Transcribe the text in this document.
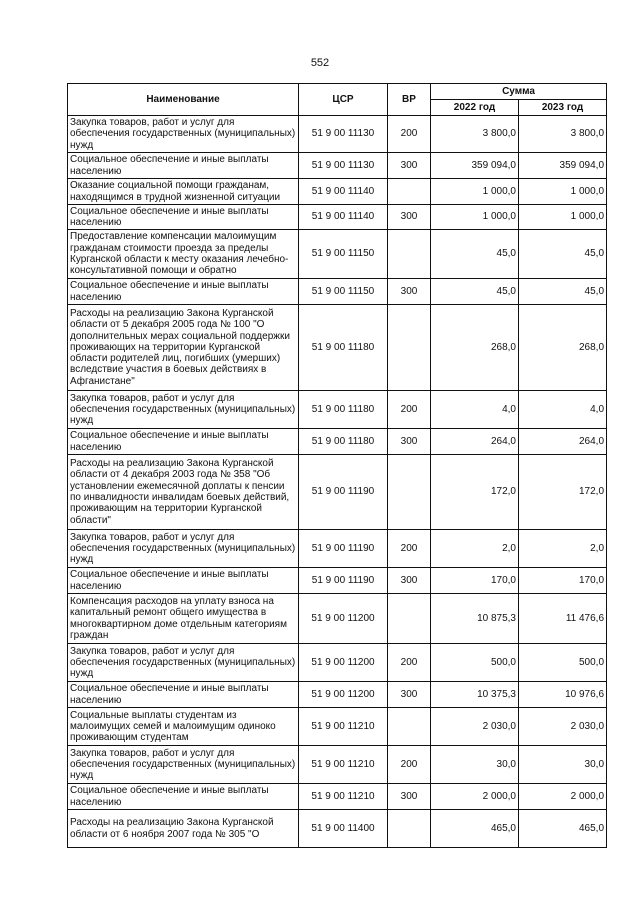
552
Наименование	ЦСР	ВР	Сумма	
			2022 год	2023 год
Закупка товаров, работ и услуг для обеспечения государственных (муниципальных) нужд	51 9 00 11130	200	3 800,0	3 800,0
Социальное обеспечение и иные выплаты населению	51 9 00 11130	300	359 094,0	359 094,0
Оказание социальной помощи гражданам, находящимся в трудной жизненной ситуации	51 9 00 11140		1 000,0	1 000,0
Социальное обеспечение и иные выплаты населению	51 9 00 11140	300	1 000,0	1 000,0
Предоставление компенсации малоимущим гражданам стоимости проезда за пределы Курганской области к месту оказания лечебно-консультативной помощи и обратно	51 9 00 11150		45,0	45,0
Социальное обеспечение и иные выплаты населению	51 9 00 11150	300	45,0	45,0
Расходы на реализацию Закона Курганской области от 5 декабря 2005 года № 100 "О дополнительных мерах социальной поддержки проживающих на территории Курганской области родителей лиц, погибших (умерших) вследствие участия в боевых действиях в Афганистане"	51 9 00 11180		268,0	268,0
Закупка товаров, работ и услуг для обеспечения государственных (муниципальных) нужд	51 9 00 11180	200	4,0	4,0
Социальное обеспечение и иные выплаты населению	51 9 00 11180	300	264,0	264,0
Расходы на реализацию Закона Курганской области от 4 декабря 2003 года № 358 "Об установлении ежемесячной доплаты к пенсии по инвалидности инвалидам боевых действий, проживающим на территории Курганской области"	51 9 00 11190		172,0	172,0
Закупка товаров, работ и услуг для обеспечения государственных (муниципальных) нужд	51 9 00 11190	200	2,0	2,0
Социальное обеспечение и иные выплаты населению	51 9 00 11190	300	170,0	170,0
Компенсация расходов на уплату взноса на капитальный ремонт общего имущества в многоквартирном доме отдельным категориям граждан	51 9 00 11200		10 875,3	11 476,6
Закупка товаров, работ и услуг для обеспечения государственных (муниципальных) нужд	51 9 00 11200	200	500,0	500,0
Социальное обеспечение и иные выплаты населению	51 9 00 11200	300	10 375,3	10 976,6
Социальные выплаты студентам из малоимущих семей и малоимущим одиноко проживающим студентам	51 9 00 11210		2 030,0	2 030,0
Закупка товаров, работ и услуг для обеспечения государственных (муниципальных) нужд	51 9 00 11210	200	30,0	30,0
Социальное обеспечение и иные выплаты населению	51 9 00 11210	300	2 000,0	2 000,0
Расходы на реализацию Закона Курганской области от 6 ноября 2007 года № 305 "О	51 9 00 11400		465,0	465,0
